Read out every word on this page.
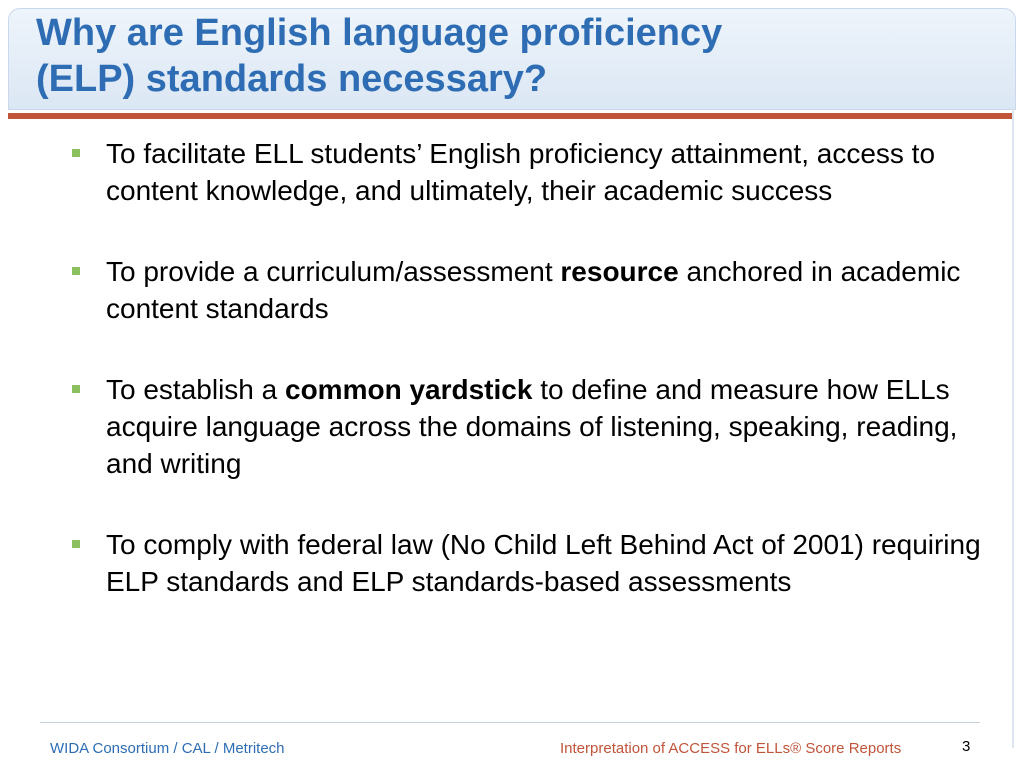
Why are English language proficiency
(ELP) standards necessary?
To facilitate ELL students’ English proficiency attainment, access to content knowledge, and ultimately, their academic success
To provide a curriculum/assessment resource anchored in academic content standards
To establish a common yardstick to define and measure how ELLs acquire language across the domains of listening, speaking, reading, and writing
To comply with federal law (No Child Left Behind Act of 2001) requiring ELP standards and ELP standards-based assessments
WIDA Consortium / CAL / Metritech	Interpretation of ACCESS for ELLs® Score Reports	3
